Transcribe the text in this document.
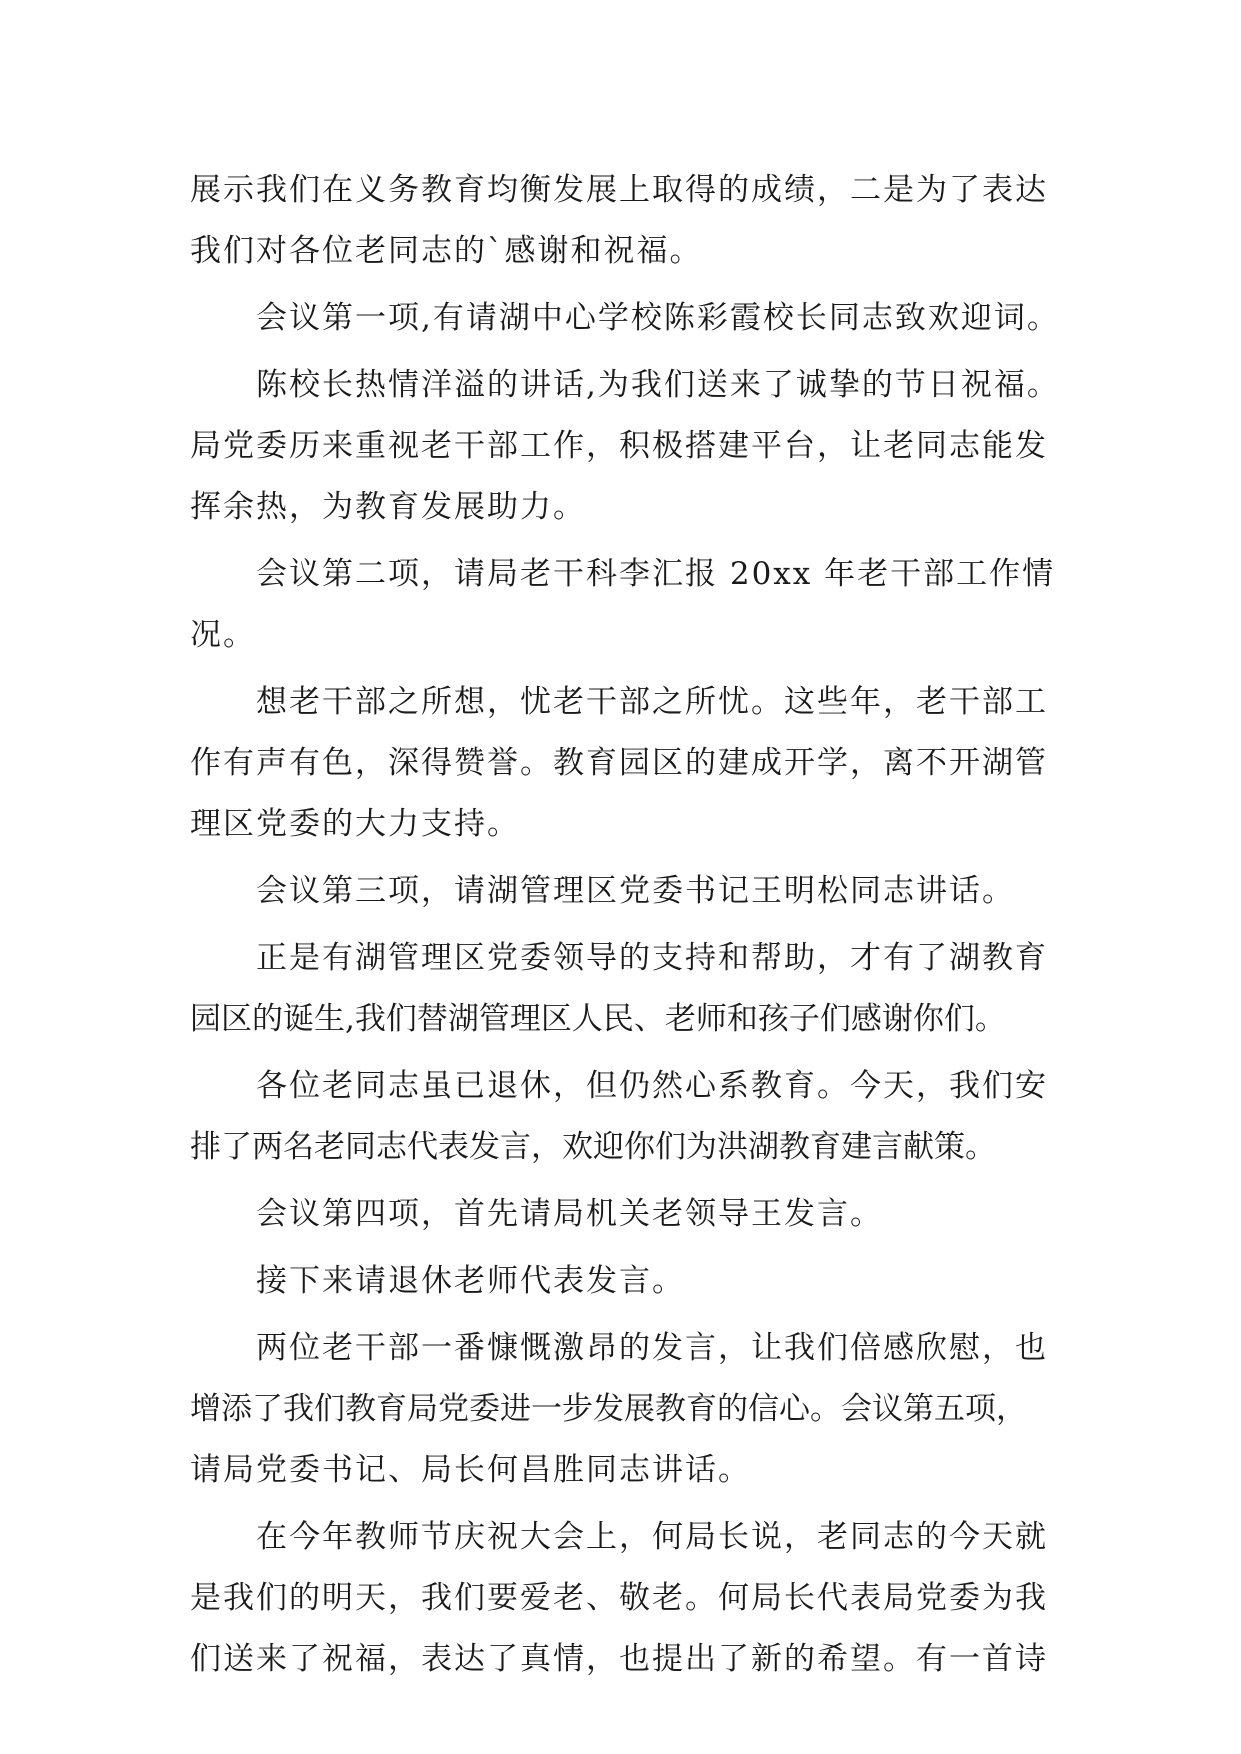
展示我们在义务教育均衡发展上取得的成绩，二是为了表达
我们对各位老同志的`感谢和祝福。
会议第一项,有请湖中心学校陈彩霞校长同志致欢迎词。
陈校长热情洋溢的讲话,为我们送来了诚挚的节日祝福。
局党委历来重视老干部工作，积极搭建平台，让老同志能发
挥余热，为教育发展助力。
会议第二项，请局老干科李汇报 20xx 年老干部工作情
况。
想老干部之所想，忧老干部之所忧。这些年，老干部工
作有声有色，深得赞誉。教育园区的建成开学，离不开湖管
理区党委的大力支持。
会议第三项，请湖管理区党委书记王明松同志讲话。
正是有湖管理区党委领导的支持和帮助，才有了湖教育
园区的诞生,我们替湖管理区人民、老师和孩子们感谢你们。
各位老同志虽已退休，但仍然心系教育。今天，我们安
排了两名老同志代表发言，欢迎你们为洪湖教育建言献策。
会议第四项，首先请局机关老领导王发言。
接下来请退休老师代表发言。
两位老干部一番慷慨激昂的发言，让我们倍感欣慰，也
增添了我们教育局党委进一步发展教育的信心。会议第五项，
请局党委书记、局长何昌胜同志讲话。
在今年教师节庆祝大会上，何局长说，老同志的今天就
是我们的明天，我们要爱老、敬老。何局长代表局党委为我
们送来了祝福，表达了真情，也提出了新的希望。有一首诗
